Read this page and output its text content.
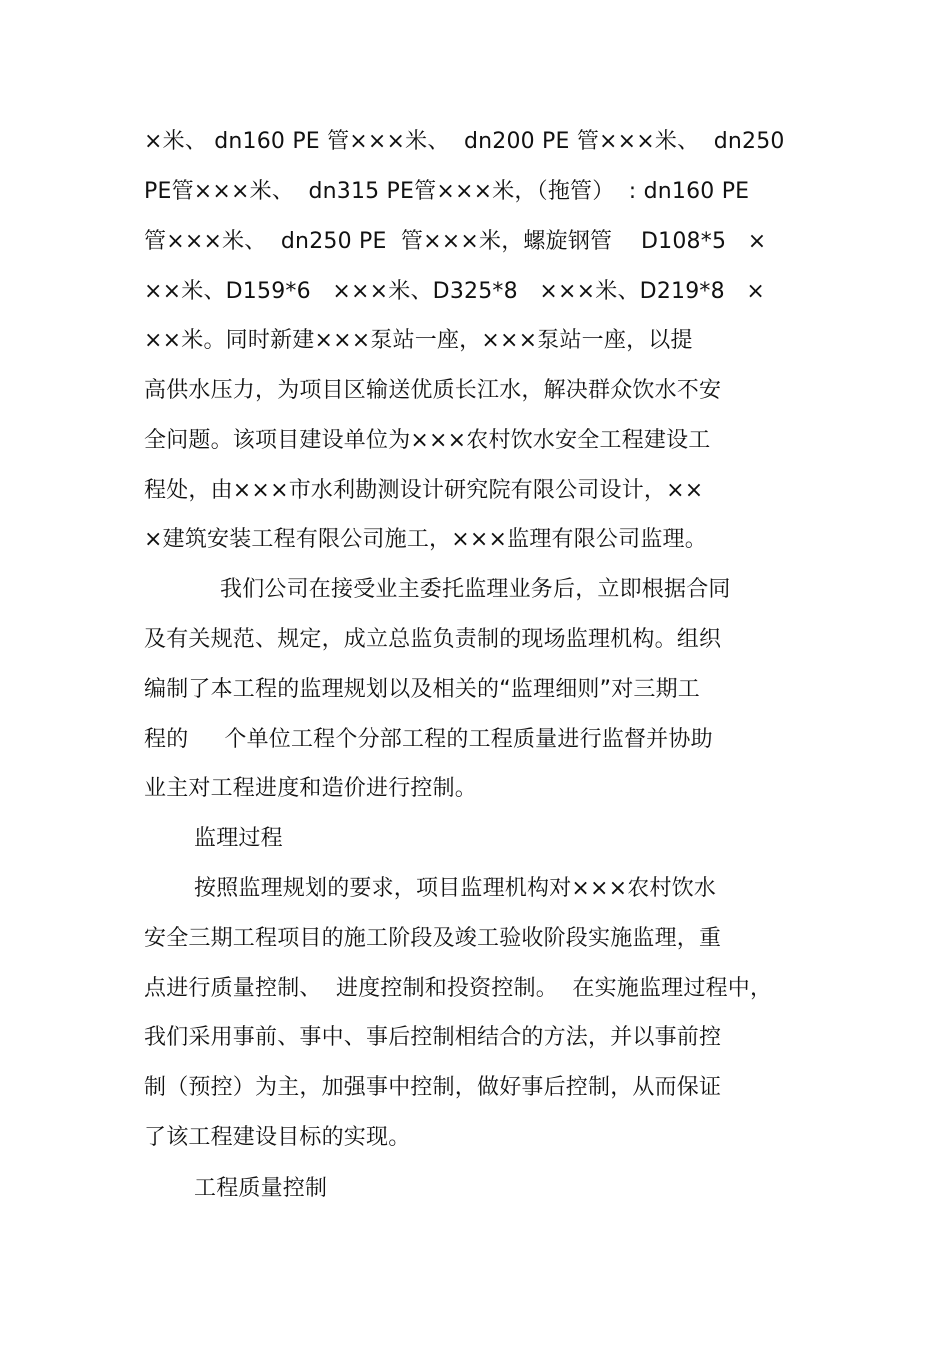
×米、 dn160 PE 管×××米、  dn200 PE 管×××米、  dn250
PE管×××米、  dn315 PE管×××米，（拖管）  : dn160 PE
管×××米、  dn250 PE  管×××米，螺旋钢管    D108*5   ×
××米、D159*6   ×××米、D325*8   ×××米、D219*8   ×
××米。同时新建×××泵站一座，×××泵站一座，以提
高供水压力，为项目区输送优质长江水，解决群众饮水不安
全问题。该项目建设单位为×××农村饮水安全工程建设工
程处，由×××市水利勘测设计研究院有限公司设计，××
×建筑安装工程有限公司施工，×××监理有限公司监理。
我们公司在接受业主委托监理业务后，立即根据合同
及有关规范、规定，成立总监负责制的现场监理机构。组织
编制了本工程的监理规划以及相关的“监理细则”对三期工
程的     个单位工程个分部工程的工程质量进行监督并协助
业主对工程进度和造价进行控制。
监理过程
按照监理规划的要求，项目监理机构对×××农村饮水
安全三期工程项目的施工阶段及竣工验收阶段实施监理，重
点进行质量控制、  进度控制和投资控制。  在实施监理过程中，
我们采用事前、事中、事后控制相结合的方法，并以事前控
制（预控）为主，加强事中控制，做好事后控制，从而保证
了该工程建设目标的实现。
工程质量控制
